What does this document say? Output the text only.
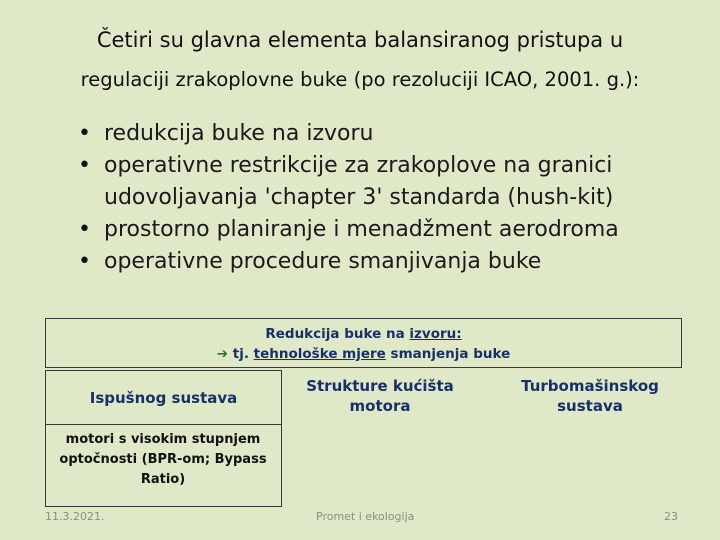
Četiri su glavna elementa balansiranog pristupa u
regulaciji zrakoplovne buke (po rezoluciji ICAO, 2001. g.):
• redukcija buke na izvoru
• operativne restrikcije za zrakoplove na granici udovoljavanja 'chapter 3' standarda (hush-kit)
• prostorno planiranje i menadžment aerodroma
• operativne procedure smanjivanja buke
Redukcija buke na izvoru:
➔ tj. tehnološke mjere smanjenja buke
Ispušnog sustava
motori s visokim stupnjem optočnosti (BPR-om; Bypass Ratio)
Strukture kućišta motora
Turbomašinskog sustava
11.3.2021.	Promet i ekologija	23
